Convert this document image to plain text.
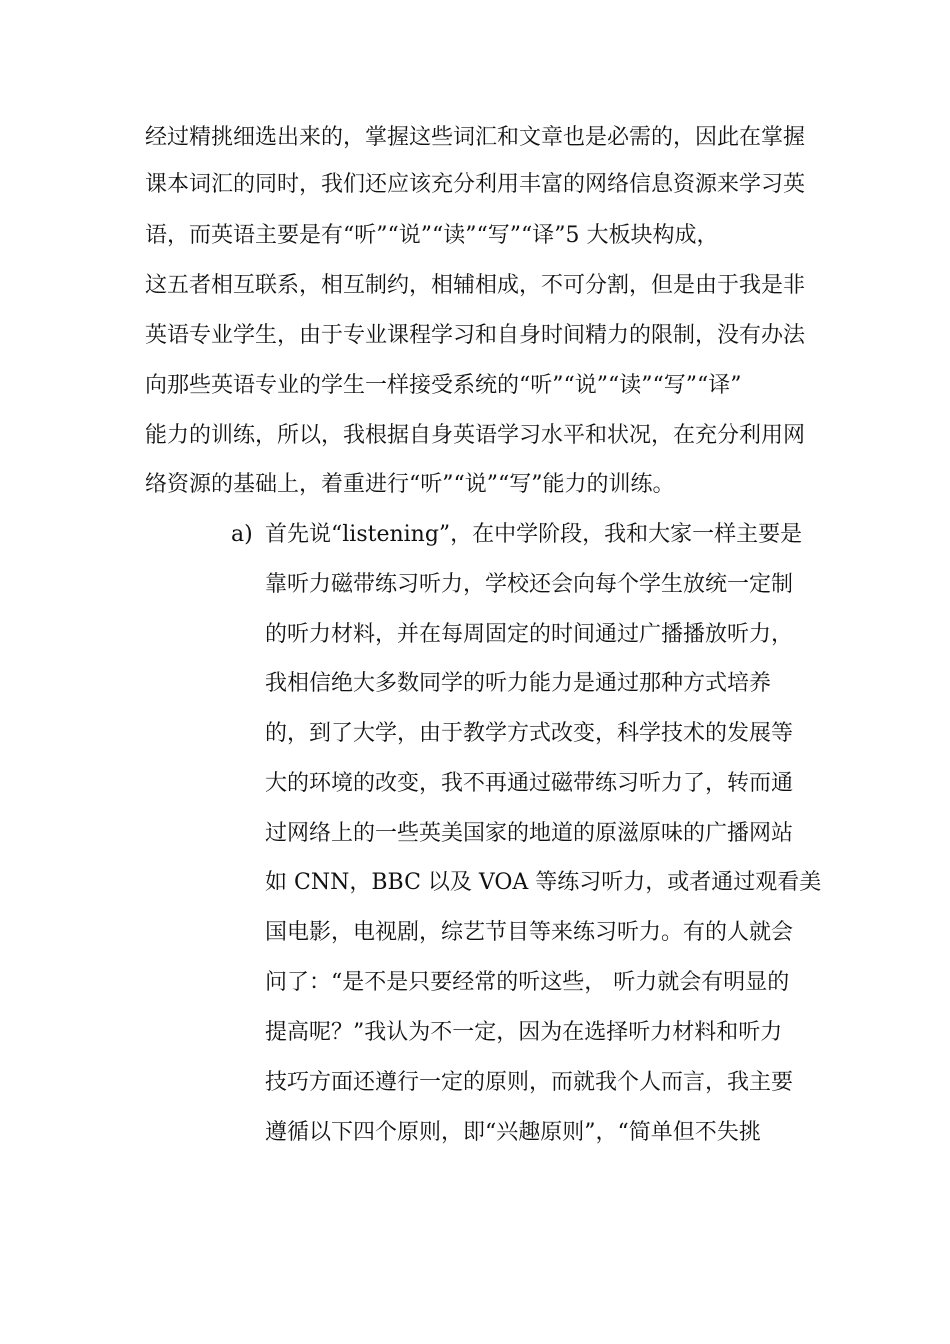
经过精挑细选出来的，掌握这些词汇和文章也是必需的，因此在掌握
课本词汇的同时，我们还应该充分利用丰富的网络信息资源来学习英
语，而英语主要是有“听”“说”“读”“写”“译”5 大板块构成，
这五者相互联系，相互制约，相辅相成，不可分割，但是由于我是非
英语专业学生，由于专业课程学习和自身时间精力的限制，没有办法
向那些英语专业的学生一样接受系统的“听”“说”“读”“写”“译”
能力的训练，所以，我根据自身英语学习水平和状况，在充分利用网
络资源的基础上，着重进行“听”“说”“写”能力的训练。
a) 首先说“listening”，在中学阶段，我和大家一样主要是
靠听力磁带练习听力，学校还会向每个学生放统一定制
的听力材料，并在每周固定的时间通过广播播放听力，
我相信绝大多数同学的听力能力是通过那种方式培养
的，到了大学，由于教学方式改变，科学技术的发展等
大的环境的改变，我不再通过磁带练习听力了，转而通
过网络上的一些英美国家的地道的原滋原味的广播网站
如 CNN，BBC 以及 VOA 等练习听力，或者通过观看美
国电影，电视剧，综艺节目等来练习听力。有的人就会
问了：“是不是只要经常的听这些， 听力就会有明显的
提高呢？”我认为不一定，因为在选择听力材料和听力
技巧方面还遵行一定的原则，而就我个人而言，我主要
遵循以下四个原则，即“兴趣原则”，“简单但不失挑
